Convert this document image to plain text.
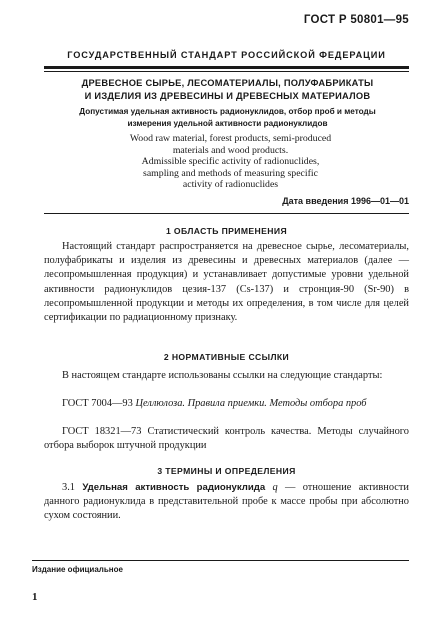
ГОСТ Р 50801—95
ГОСУДАРСТВЕННЫЙ СТАНДАРТ РОССИЙСКОЙ ФЕДЕРАЦИИ
ДРЕВЕСНОЕ СЫРЬЕ, ЛЕСОМАТЕРИАЛЫ, ПОЛУФАБРИКАТЫ
И ИЗДЕЛИЯ ИЗ ДРЕВЕСИНЫ И ДРЕВЕСНЫХ МАТЕРИАЛОВ
Допустимая удельная активность радионуклидов, отбор проб и методы
измерения удельной активности радионуклидов
Wood raw material, forest products, semi-produced
materials and wood products.
Admissible specific activity of radionuclides,
sampling and methods of measuring specific
activity of radionuclides
Дата введения 1996—01—01
1 ОБЛАСТЬ ПРИМЕНЕНИЯ

Настоящий стандарт распространяется на древесное сырье, лесоматериалы, полуфабрикаты и изделия из древесины и древесных материалов (далее — лесопромышленная продукция) и устанавливает допустимые уровни удельной активности радионуклидов цезия-137 (Cs-137) и стронция-90 (Sr-90) в лесопромышленной продукции и методы их определения, в том числе для целей сертификации по радиационному признаку.

2 НОРМАТИВНЫЕ ССЫЛКИ

В настоящем стандарте использованы ссылки на следующие стандарты:

ГОСТ 7004—93 Целлюлоза. Правила приемки. Методы отбора проб

ГОСТ 18321—73 Статистический контроль качества. Методы случайного отбора выборок штучной продукции

3 ТЕРМИНЫ И ОПРЕДЕЛЕНИЯ

3.1 Удельная активность радионуклида q — отношение активности данного радионуклида в представительной пробе к массе пробы при абсолютно сухом состоянии.

Издание официальное
1
